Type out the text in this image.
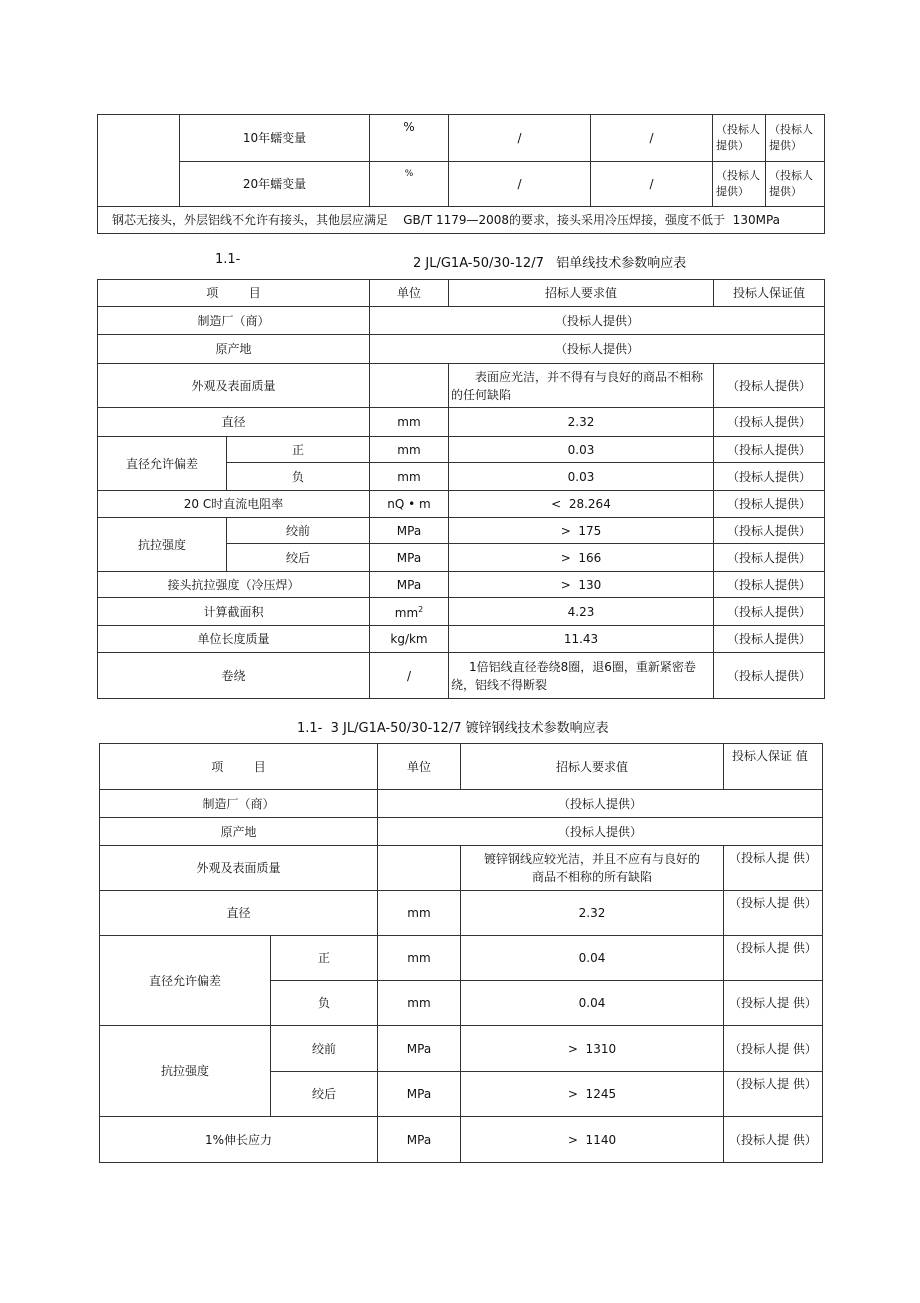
	10年蠕变量	%	/	/	（投标人提供）	（投标人提供）
	20年蠕变量	%	/	/	（投标人提供）	（投标人提供）
钢芯无接头，外层铝线不允许有接头，其他层应满足    GB/T 1179—2008的要求，接头采用冷压焊接，强度不低于  130MPa						
1.1-	2 JL/G1A-50/30-12/7   铝单线技术参数响应表
项        目		单位	招标人要求值	投标人保证值
制造厂（商）		（投标人提供）		
原产地		（投标人提供）		
外观及表面质量			表面应光洁，并不得有与良好的商品不相称的任何缺陷	（投标人提供）
直径		mm	2.32	（投标人提供）
直径允许偏差	正	mm	0.03	（投标人提供）
	负	mm	0.03	（投标人提供）
20 C时直流电阻率		nQ • m	<  28.264	（投标人提供）
抗拉强度	绞前	MPa	>  175	（投标人提供）
	绞后	MPa	>  166	（投标人提供）
接头抗拉强度（冷压焊）		MPa	>  130	（投标人提供）
计算截面积		$mm^2$	4.23	（投标人提供）
单位长度质量		kg/km	11.43	（投标人提供）
卷绕		/	1倍铝线直径卷绕8圈，退6圈，重新紧密卷绕，铝线不得断裂	（投标人提供）
1.1-  3 JL/G1A-50/30-12/7 镀锌钢线技术参数响应表
项        目		单位	招标人要求值	投标人保证 值
制造厂（商）		（投标人提供）		
原产地		（投标人提供）		
外观及表面质量			镀锌钢线应较光洁，并且不应有与良好的商品不相称的所有缺陷	（投标人提 供）
直径		mm	2.32	（投标人提 供）
直径允许偏差	正	mm	0.04	（投标人提 供）
	负	mm	0.04	（投标人提 供）
抗拉强度	绞前	MPa	>  1310	（投标人提 供）
	绞后	MPa	>  1245	（投标人提 供）
1%伸长应力		MPa	>  1140	（投标人提 供）
